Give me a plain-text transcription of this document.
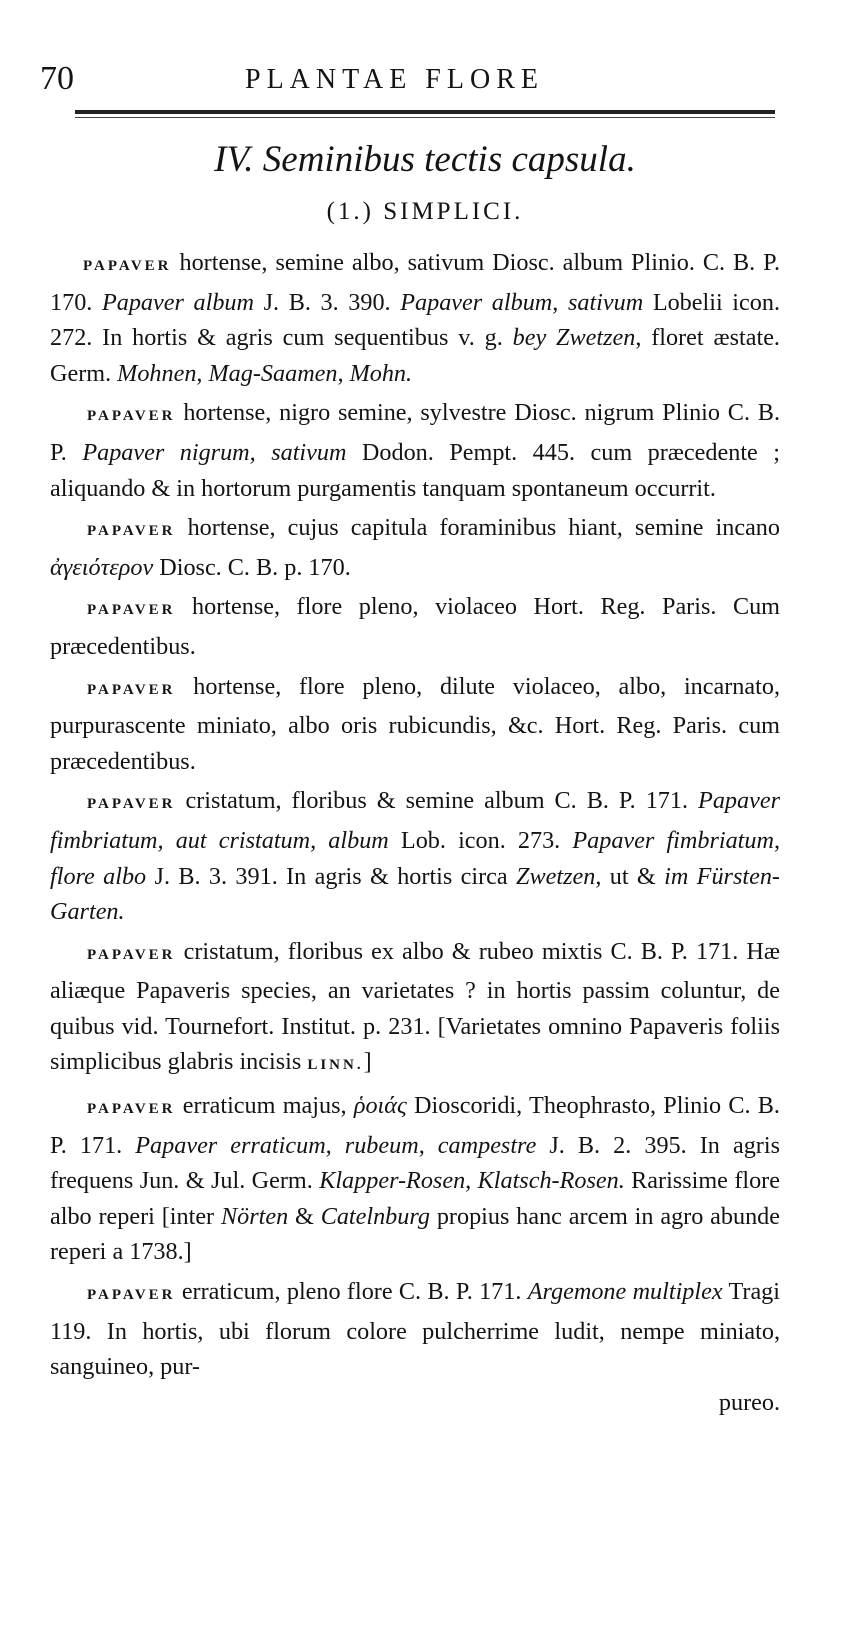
70	PLANTAE FLORE
IV. Seminibus tectis capsula.
(1.) SIMPLICI.

PAPAVER hortense, semine albo, sativum Diosc. album Plinio. C. B. P. 170. Papaver album J. B. 3. 390. Papaver album, sativum Lobelii icon. 272. In hortis & agris cum sequentibus v. g. bey Zwetzen, floret æstate. Germ. Mohnen, Mag-Saamen, Mohn.

PAPAVER hortense, nigro semine, sylvestre Diosc. nigrum Plinio C. B. P. Papaver nigrum, sativum Dodon. Pempt. 445. cum præcedente ; aliquando & in hortorum purgamentis tanquam spontaneum occurrit.

PAPAVER hortense, cujus capitula foraminibus hiant, semine incano ἀγειότερον Diosc. C. B. p. 170.

PAPAVER hortense, flore pleno, violaceo Hort. Reg. Paris. Cum præcedentibus.

PAPAVER hortense, flore pleno, dilute violaceo, albo, incarnato, purpurascente miniato, albo oris rubicundis, &c. Hort. Reg. Paris. cum præcedentibus.

PAPAVER cristatum, floribus & semine album C. B. P. 171. Papaver fimbriatum, aut cristatum, album Lob. icon. 273. Papaver fimbriatum, flore albo J. B. 3. 391. In agris & hortis circa Zwetzen, ut & im Fürsten-Garten.

PAPAVER cristatum, floribus ex albo & rubeo mixtis C. B. P. 171. Hæ aliæque Papaveris species, an varietates ? in hortis passim coluntur, de quibus vid. Tournefort. Institut. p. 231. [Varietates omnino Papaveris foliis simplicibus glabris incisis LINN.]

PAPAVER erraticum majus, ῥοιάς Dioscoridi, Theophrasto, Plinio C. B. P. 171. Papaver erraticum, rubeum, campestre J. B. 2. 395. In agris frequens Jun. & Jul. Germ. Klapper-Rosen, Klatsch-Rosen. Rarissime flore albo reperi [inter Nörten & Catelnburg propius hanc arcem in agro abunde reperi a 1738.]

PAPAVER erraticum, pleno flore C. B. P. 171. Argemone multiplex Tragi 119. In hortis, ubi florum colore pulcherrime ludit, nempe miniato, sanguineo, pur-

pureo.
